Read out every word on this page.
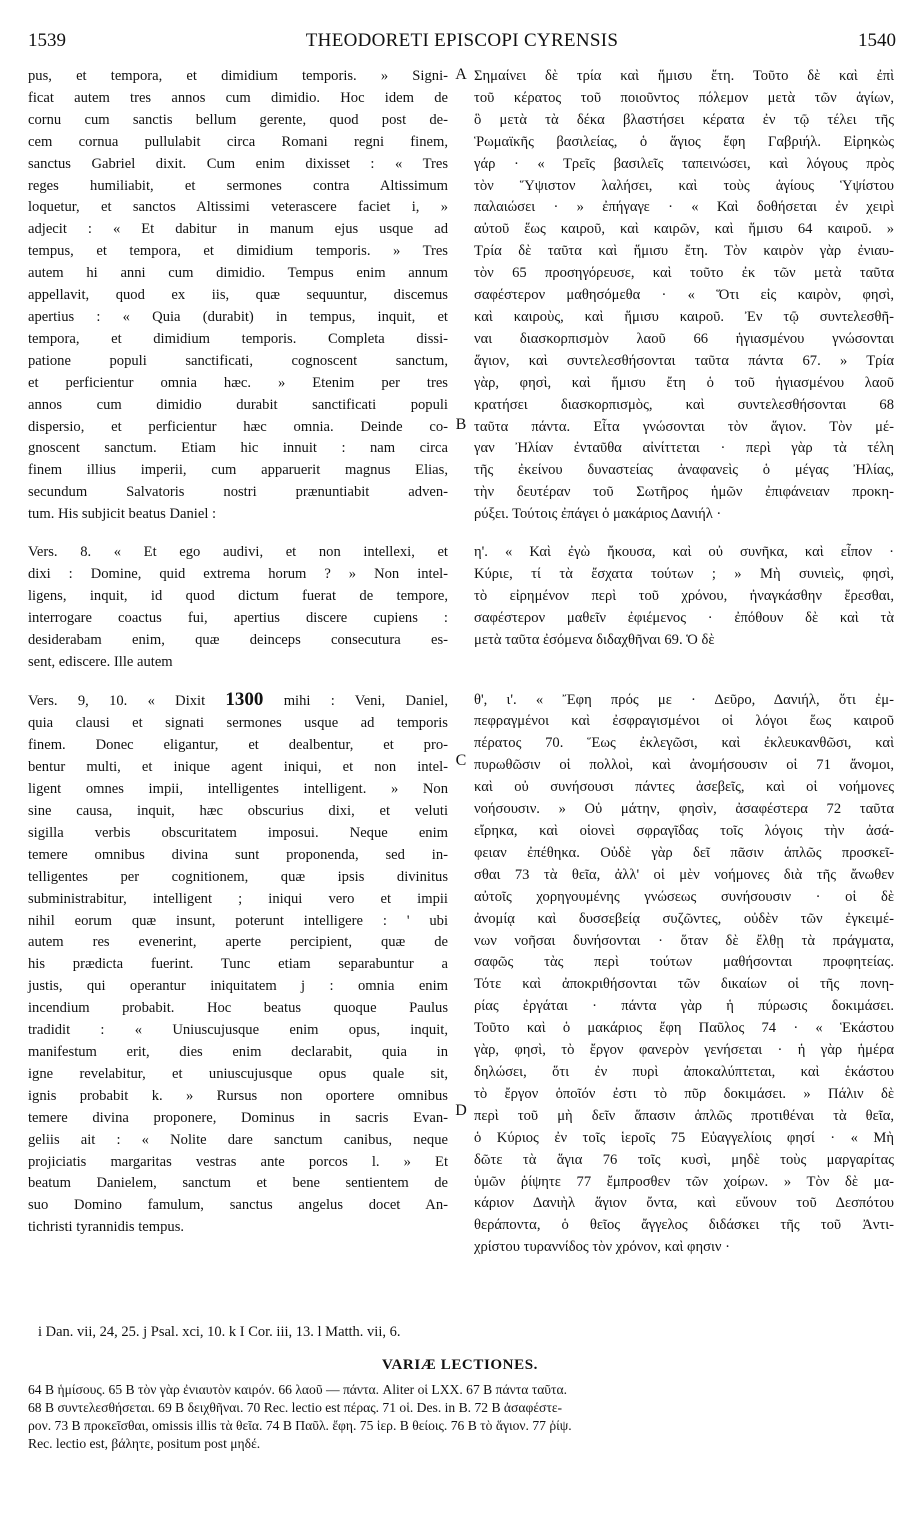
1539	THEODORETI EPISCOPI CYRENSIS	1540

pus, et tempora, et dimidium temporis. » Signi-
ficat autem tres annos cum dimidio. Hoc idem de
cornu cum sanctis bellum gerente, quod post de-
cem cornua pullulabit circa Romani regni finem,
sanctus Gabriel dixit. Cum enim dixisset : « Tres
reges humiliabit, et sermones contra Altissimum
loquetur, et sanctos Altissimi veterascere faciet i, »
adjecit : « Et dabitur in manum ejus usque ad
tempus, et tempora, et dimidium temporis. » Tres
autem hi anni cum dimidio. Tempus enim annum
appellavit, quod ex iis, quæ sequuntur, discemus
apertius : « Quia (durabit) in tempus, inquit, et
tempora, et dimidium temporis. Completa dissi-
patione populi sanctificati, cognoscent sanctum,
et perficientur omnia hæc. » Etenim per tres
annos cum dimidio durabit sanctificati populi
dispersio, et perficientur hæc omnia. Deinde co-
gnoscent sanctum. Etiam hic innuit : nam circa
finem illius imperii, cum apparuerit magnus Elias,
secundum Salvatoris nostri prænuntiabit adven-
tum. His subjicit beatus Daniel :

Vers. 8. « Et ego audivi, et non intellexi, et
dixi : Domine, quid extrema horum ? » Non intel-
ligens, inquit, id quod dictum fuerat de tempore,
interrogare coactus fui, apertius discere cupiens :
desiderabam enim, quæ deinceps consecutura es-
sent, ediscere. Ille autem

Vers. 9, 10. « Dixit 1300 mihi : Veni, Daniel,
quia clausi et signati sermones usque ad temporis
finem. Donec eligantur, et dealbentur, et pro-
bentur multi, et inique agent iniqui, et non intel-
ligent omnes impii, intelligentes intelligent. » Non
sine causa, inquit, hæc obscurius dixi, et veluti
sigilla verbis obscuritatem imposui. Neque enim
temere omnibus divina sunt proponenda, sed in-
telligentes per cognitionem, quæ ipsis divinitus
subministrabitur, intelligent ; iniqui vero et impii
nihil eorum quæ insunt, poterunt intelligere : ' ubi
autem res evenerint, aperte percipient, quæ de
his prædicta fuerint. Tunc etiam separabuntur a
justis, qui operantur iniquitatem j : omnia enim
incendium probabit. Hoc beatus quoque Paulus
tradidit : « Uniuscujusque enim opus, inquit,
manifestum erit, dies enim declarabit, quia in
igne revelabitur, et uniuscujusque opus quale sit,
ignis probabit k. » Rursus non oportere omnibus
temere divina proponere, Dominus in sacris Evan-
geliis ait : « Nolite dare sanctum canibus, neque
projiciatis margaritas vestras ante porcos l. » Et
beatum Danielem, sanctum et bene sentientem de
suo Domino famulum, sanctus angelus docet An-
tichristi tyrannidis tempus.

A
B
C
D

Σημαίνει δὲ τρία καὶ ἥμισυ ἔτη. Τοῦτο δὲ καὶ ἐπὶ
τοῦ κέρατος τοῦ ποιοῦντος πόλεμον μετὰ τῶν ἁγίων,
ὃ μετὰ τὰ δέκα βλαστήσει κέρατα ἐν τῷ τέλει τῆς
Ῥωμαϊκῆς βασιλείας, ὁ ἅγιος ἔφη Γαβριήλ. Εἰρηκὼς
γάρ · « Τρεῖς βασιλεῖς ταπεινώσει, καὶ λόγους πρὸς
τὸν Ὕψιστον λαλήσει, καὶ τοὺς ἁγίους Ὑψίστου
παλαιώσει · » ἐπήγαγε · « Καὶ δοθήσεται ἐν χειρὶ
αὐτοῦ ἕως καιροῦ, καὶ καιρῶν, καὶ ἥμισυ 64 καιροῦ. »
Τρία δὲ ταῦτα καὶ ἥμισυ ἔτη. Τὸν καιρὸν γὰρ ἐνιαυ-
τὸν 65 προσηγόρευσε, καὶ τοῦτο ἐκ τῶν μετὰ ταῦτα
σαφέστερον μαθησόμεθα · « Ὅτι εἰς καιρὸν, φησὶ,
καὶ καιροὺς, καὶ ἥμισυ καιροῦ. Ἐν τῷ συντελεσθῆ-
ναι διασκορπισμὸν λαοῦ 66 ἡγιασμένου γνώσονται
ἅγιον, καὶ συντελεσθήσονται ταῦτα πάντα 67. » Τρία
γὰρ, φησὶ, καὶ ἥμισυ ἔτη ὁ τοῦ ἡγιασμένου λαοῦ
κρατήσει διασκορπισμὸς, καὶ συντελεσθήσονται 68
ταῦτα πάντα. Εἶτα γνώσονται τὸν ἅγιον. Τὸν μέ-
γαν Ἠλίαν ἐνταῦθα αἰνίττεται · περὶ γὰρ τὰ τέλη
τῆς ἐκείνου δυναστείας ἀναφανεὶς ὁ μέγας Ἠλίας,
τὴν δευτέραν τοῦ Σωτῆρος ἡμῶν ἐπιφάνειαν προκη-
ρύξει. Τούτοις ἐπάγει ὁ μακάριος Δανιήλ ·

η'. « Καὶ ἐγὼ ἤκουσα, καὶ οὐ συνῆκα, καὶ εἶπον ·
Κύριε, τί τὰ ἔσχατα τούτων ; » Μὴ συνιεὶς, φησὶ,
τὸ εἰρημένον περὶ τοῦ χρόνου, ἠναγκάσθην ἔρεσθαι,
σαφέστερον μαθεῖν ἐφιέμενος · ἐπόθουν δὲ καὶ τὰ
μετὰ ταῦτα ἐσόμενα διδαχθῆναι 69. Ὁ δὲ

θ', ι'. « Ἔφη πρός με · Δεῦρο, Δανιήλ, ὅτι ἐμ-
πεφραγμένοι καὶ ἐσφραγισμένοι οἱ λόγοι ἕως καιροῦ
πέρατος 70. Ἕως ἐκλεγῶσι, καὶ ἐκλευκανθῶσι, καὶ
πυρωθῶσιν οἱ πολλοὶ, καὶ ἀνομήσουσιν οἱ 71 ἄνομοι,
καὶ οὐ συνήσουσι πάντες ἀσεβεῖς, καὶ οἱ νοήμονες
νοήσουσιν. » Οὐ μάτην, φησὶν, ἀσαφέστερα 72 ταῦτα
εἴρηκα, καὶ οἱονεὶ σφραγῖδας τοῖς λόγοις τὴν ἀσά-
φειαν ἐπέθηκα. Οὐδὲ γὰρ δεῖ πᾶσιν ἁπλῶς προσκεῖ-
σθαι 73 τὰ θεῖα, ἀλλ' οἱ μὲν νοήμονες διὰ τῆς ἄνωθεν
αὐτοῖς χορηγουμένης γνώσεως συνήσουσιν · οἱ δὲ
ἀνομίᾳ καὶ δυσσεβείᾳ συζῶντες, οὐδὲν τῶν ἐγκειμέ-
νων νοῆσαι δυνήσονται · ὅταν δὲ ἔλθῃ τὰ πράγματα,
σαφῶς τὰς περὶ τούτων μαθήσονται προφητείας.
Τότε καὶ ἀποκριθήσονται τῶν δικαίων οἱ τῆς πονη-
ρίας ἐργάται · πάντα γὰρ ἡ πύρωσις δοκιμάσει.
Τοῦτο καὶ ὁ μακάριος ἔφη Παῦλος 74 · « Ἑκάστου
γὰρ, φησὶ, τὸ ἔργον φανερὸν γενήσεται · ἡ γὰρ ἡμέρα
δηλώσει, ὅτι ἐν πυρὶ ἀποκαλύπτεται, καὶ ἑκάστου
τὸ ἔργον ὁποῖόν ἐστι τὸ πῦρ δοκιμάσει. » Πάλιν δὲ
περὶ τοῦ μὴ δεῖν ἅπασιν ἁπλῶς προτιθέναι τὰ θεῖα,
ὁ Κύριος ἐν τοῖς ἱεροῖς 75 Εὐαγγελίοις φησί · « Μὴ
δῶτε τὰ ἅγια 76 τοῖς κυσὶ, μηδὲ τοὺς μαργαρίτας
ὑμῶν ῥίψητε 77 ἔμπροσθεν τῶν χοίρων. » Τὸν δὲ μα-
κάριον Δανιὴλ ἅγιον ὄντα, καὶ εὔνουν τοῦ Δεσπότου
θεράποντα, ὁ θεῖος ἄγγελος διδάσκει τῆς τοῦ Ἀντι-
χρίστου τυραννίδος τὸν χρόνον, καὶ φησιν ·

i Dan. vii, 24, 25. j Psal. xci, 10. k I Cor. iii, 13. l Matth. vii, 6.
VARIÆ LECTIONES.

64 B ἡμίσους. 65 B τὸν γὰρ ἐνιαυτὸν καιρόν. 66 λαοῦ — πάντα. Aliter οἱ LXX. 67 B πάντα ταῦτα.
68 B συντελεσθήσεται. 69 B δειχθῆναι. 70 Rec. lectio est πέρας. 71 οἱ. Des. in B. 72 B ἀσαφέστε-
ρον. 73 B προκεῖσθαι, omissis illis τὰ θεῖα. 74 B Παῦλ. ἔφη. 75 ἱερ. B θείοις. 76 B τὸ ἅγιον. 77 ῥίψ.
Rec. lectio est, βάλητε, positum post μηδέ.
